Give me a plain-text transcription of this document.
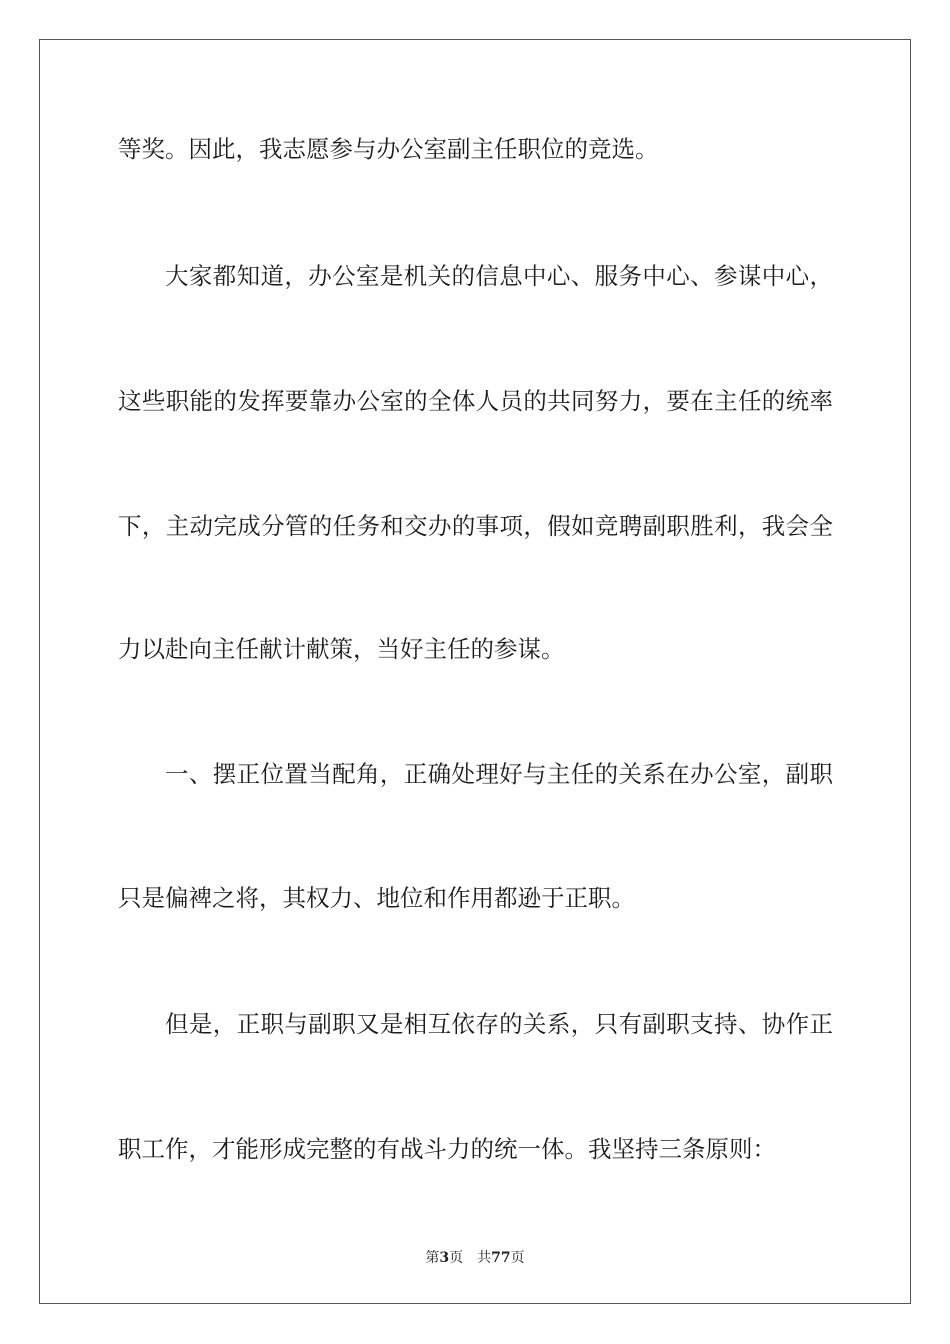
等奖。因此，我志愿参与办公室副主任职位的竞选。
大家都知道，办公室是机关的信息中心、服务中心、参谋中心，
这些职能的发挥要靠办公室的全体人员的共同努力，要在主任的统率
下，主动完成分管的任务和交办的事项，假如竞聘副职胜利，我会全
力以赴向主任献计献策，当好主任的参谋。
一、摆正位置当配角，正确处理好与主任的关系在办公室，副职
只是偏裨之将，其权力、地位和作用都逊于正职。
但是，正职与副职又是相互依存的关系，只有副职支持、协作正
职工作，才能形成完整的有战斗力的统一体。我坚持三条原则：
第3页 共77页
